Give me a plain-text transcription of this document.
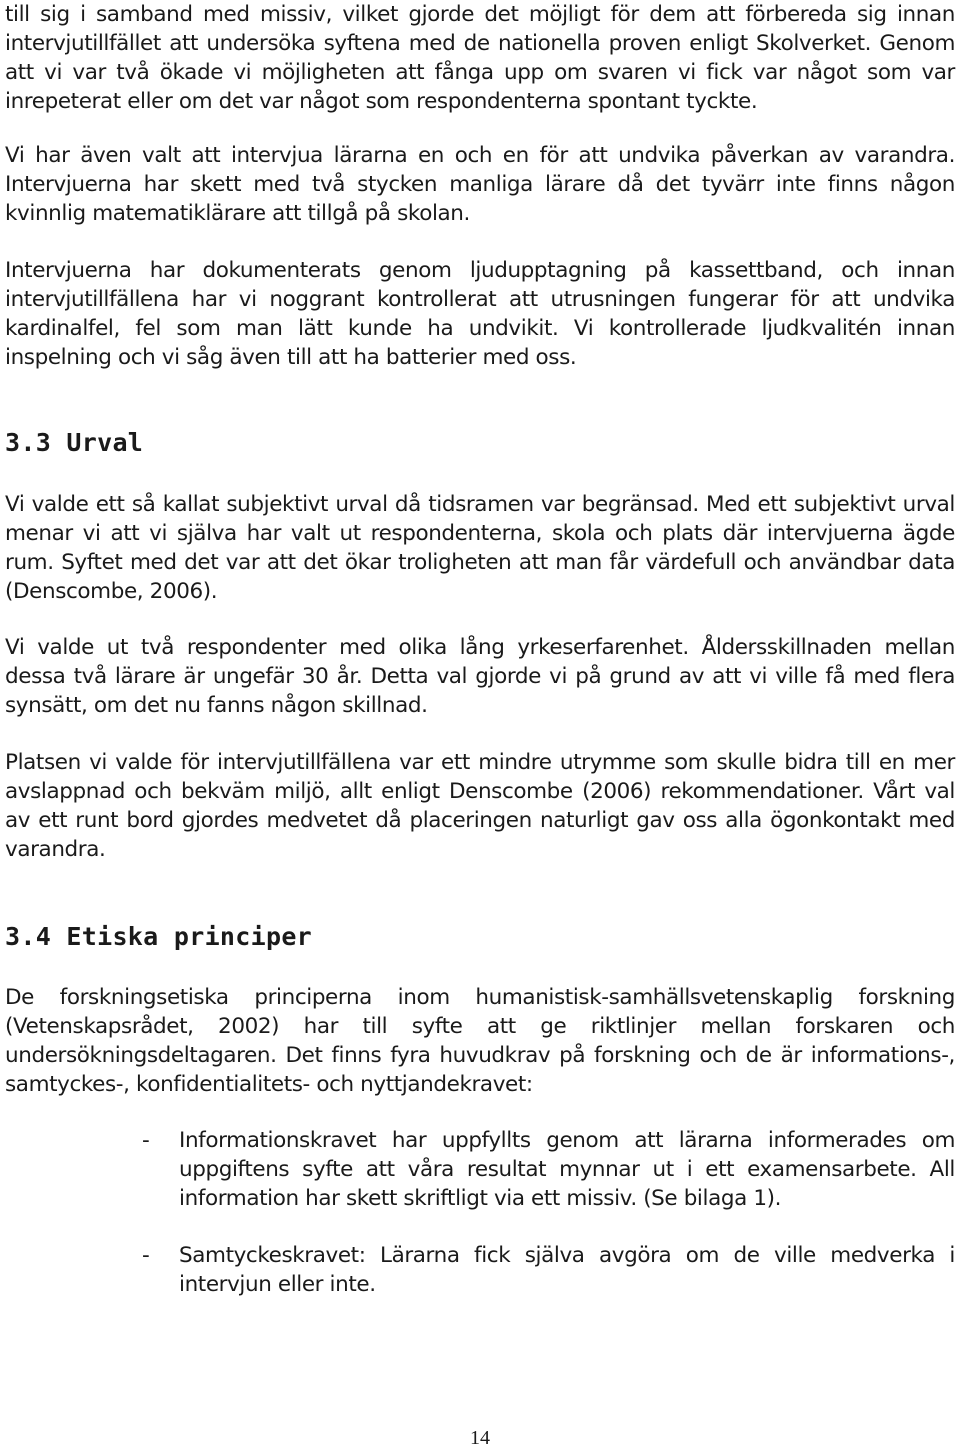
till sig i samband med missiv, vilket gjorde det möjligt för dem att förbereda sig innan intervjutillfället att undersöka syftena med de nationella proven enligt Skolverket. Genom att vi var två ökade vi möjligheten att fånga upp om svaren vi fick var något som var inrepeterat eller om det var något som respondenterna spontant tyckte.

Vi har även valt att intervjua lärarna en och en för att undvika påverkan av varandra. Intervjuerna har skett med två stycken manliga lärare då det tyvärr inte finns någon kvinnlig matematiklärare att tillgå på skolan.

Intervjuerna har dokumenterats genom ljudupptagning på kassettband, och innan intervjutillfällena har vi noggrant kontrollerat att utrusningen fungerar för att undvika kardinalfel, fel som man lätt kunde ha undvikit. Vi kontrollerade ljudkvalitén innan inspelning och vi såg även till att ha batterier med oss.

3.3 Urval

Vi valde ett så kallat subjektivt urval då tidsramen var begränsad. Med ett subjektivt urval menar vi att vi själva har valt ut respondenterna, skola och plats där intervjuerna ägde rum. Syftet med det var att det ökar troligheten att man får värdefull och användbar data (Denscombe, 2006).

Vi valde ut två respondenter med olika lång yrkeserfarenhet. Åldersskillnaden mellan dessa två lärare är ungefär 30 år. Detta val gjorde vi på grund av att vi ville få med flera synsätt, om det nu fanns någon skillnad.

Platsen vi valde för intervjutillfällena var ett mindre utrymme som skulle bidra till en mer avslappnad och bekväm miljö, allt enligt Denscombe (2006) rekommendationer. Vårt val av ett runt bord gjordes medvetet då placeringen naturligt gav oss alla ögonkontakt med varandra.

3.4 Etiska principer

De forskningsetiska principerna inom humanistisk-samhällsvetenskaplig forskning (Vetenskapsrådet, 2002) har till syfte att ge riktlinjer mellan forskaren och undersökningsdeltagaren. Det finns fyra huvudkrav på forskning och de är informations-, samtyckes-, konfidentialitets- och nyttjandekravet:

- Informationskravet har uppfyllts genom att lärarna informerades om uppgiftens syfte att våra resultat mynnar ut i ett examensarbete. All information har skett skriftligt via ett missiv. (Se bilaga 1).
- Samtyckeskravet: Lärarna fick själva avgöra om de ville medverka i intervjun eller inte.
14
